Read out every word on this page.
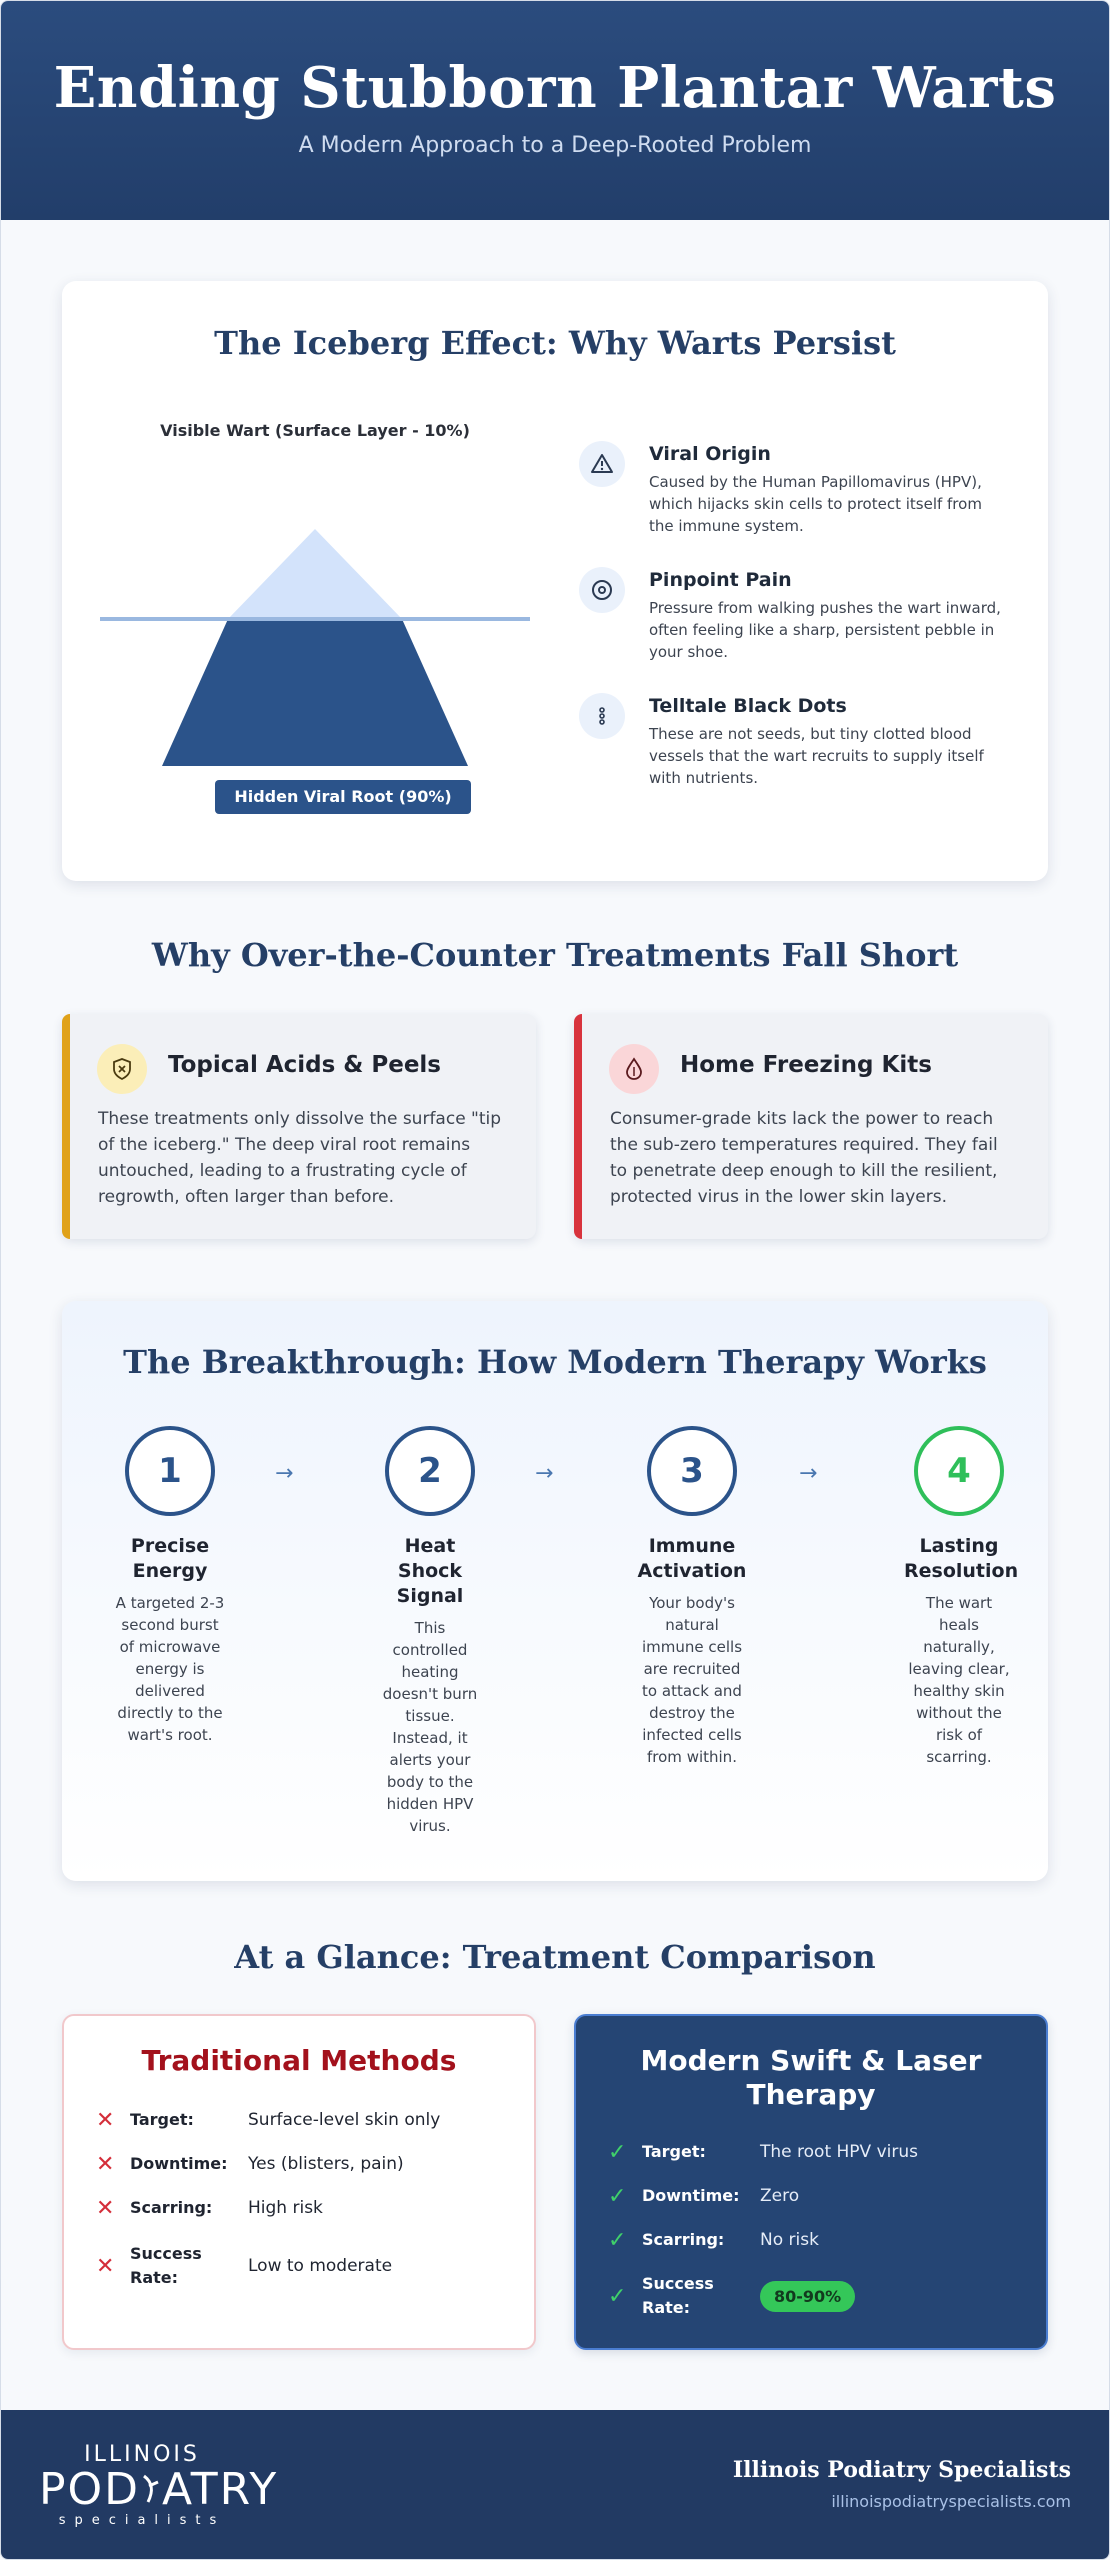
Ending Stubborn Plantar Warts
A Modern Approach to a Deep-Rooted Problem
The Iceberg Effect: Why Warts Persist
Visible Wart (Surface Layer - 10%)
Hidden Viral Root (90%)
Viral Origin
Caused by the Human Papillomavirus (HPV), which hijacks skin cells to protect itself from the immune system.
Pinpoint Pain
Pressure from walking pushes the wart inward, often feeling like a sharp, persistent pebble in your shoe.
Telltale Black Dots
These are not seeds, but tiny clotted blood vessels that the wart recruits to supply itself with nutrients.
Why Over-the-Counter Treatments Fall Short
Topical Acids & Peels
These treatments only dissolve the surface "tip of the iceberg." The deep viral root remains untouched, leading to a frustrating cycle of regrowth, often larger than before.
Home Freezing Kits
Consumer-grade kits lack the power to reach the sub-zero temperatures required. They fail to penetrate deep enough to kill the resilient, protected virus in the lower skin layers.
The Breakthrough: How Modern Therapy Works
1
Precise Energy
A targeted 2-3 second burst of microwave energy is delivered directly to the wart's root.
→	2
Heat Shock Signal
This controlled heating doesn't burn tissue. Instead, it alerts your body to the hidden HPV virus.
→	3
Immune Activation
Your body's natural immune cells are recruited to attack and destroy the infected cells from within.
→	4
Lasting Resolution
The wart heals naturally, leaving clear, healthy skin without the risk of scarring.
At a Glance: Treatment Comparison
Traditional Methods
✕ Target:	Surface-level skin only
✕ Downtime:	Yes (blisters, pain)
✕ Scarring:	High risk
✕ Success Rate:
Low to moderate
Modern Swift & Laser Therapy
✓ Target:	The root HPV virus
✓ Downtime:	Zero
✓ Scarring:	No risk
✓ Success Rate:
80-90%
ILLINOIS
POD ATRY
specialists
Illinois Podiatry Specialists
illinoispodiatryspecialists.com
